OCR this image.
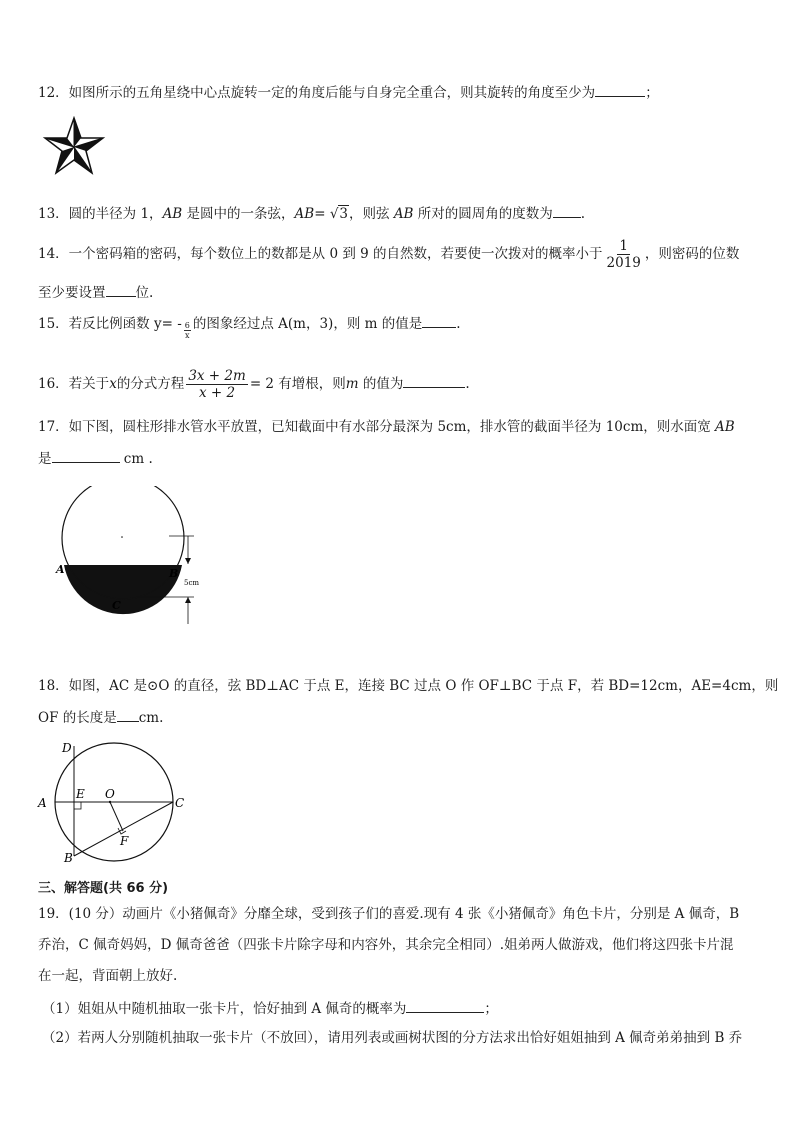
12．如图所示的五角星绕中心点旋转一定的角度后能与自身完全重合，则其旋转的角度至少为	；
13．圆的半径为 1，AB 是圆中的一条弦，AB= √3，则弦 AB 所对的圆周角的度数为 .
14．一个密码箱的密码，每个数位上的数都是从 0 到 9 的自然数，若要使一次拨对的概率小于 $\frac{1}{2019}$ ，则密码的位数
至少要设置 位.
15．若反比例函数 $y= - \frac{6}{x}$ 的图象经过点 A(m，3)，则 m 的值是	.
16．若关于x的分式方程 $\frac{3x + 2m}{x + 2} = 2$ 有增根，则m 的值为	.
17．如下图，圆柱形排水管水平放置，已知截面中有水部分最深为 5cm，排水管的截面半径为 10cm，则水面宽 AB
是	cm .
A	B
C
5cm
18．如图，AC 是⊙O 的直径，弦 BD⊥AC 于点 E，连接 BC 过点 O 作 OF⊥BC 于点 F，若 BD=12cm，AE=4cm，则
OF 的长度是 cm.
D
A
E O
C
F
B
三、解答题(共 66 分)
19．(10 分）动画片《小猪佩奇》分靡全球，受到孩子们的喜爱.现有 4 张《小猪佩奇》角色卡片，分别是 A 佩奇，B
乔治，C 佩奇妈妈，D 佩奇爸爸（四张卡片除字母和内容外，其余完全相同）.姐弟两人做游戏，他们将这四张卡片混
在一起，背面朝上放好.
（1）姐姐从中随机抽取一张卡片，恰好抽到 A 佩奇的概率为	；
（2）若两人分别随机抽取一张卡片（不放回），请用列表或画树状图的分方法求出恰好姐姐抽到 A 佩奇弟弟抽到 B 乔
